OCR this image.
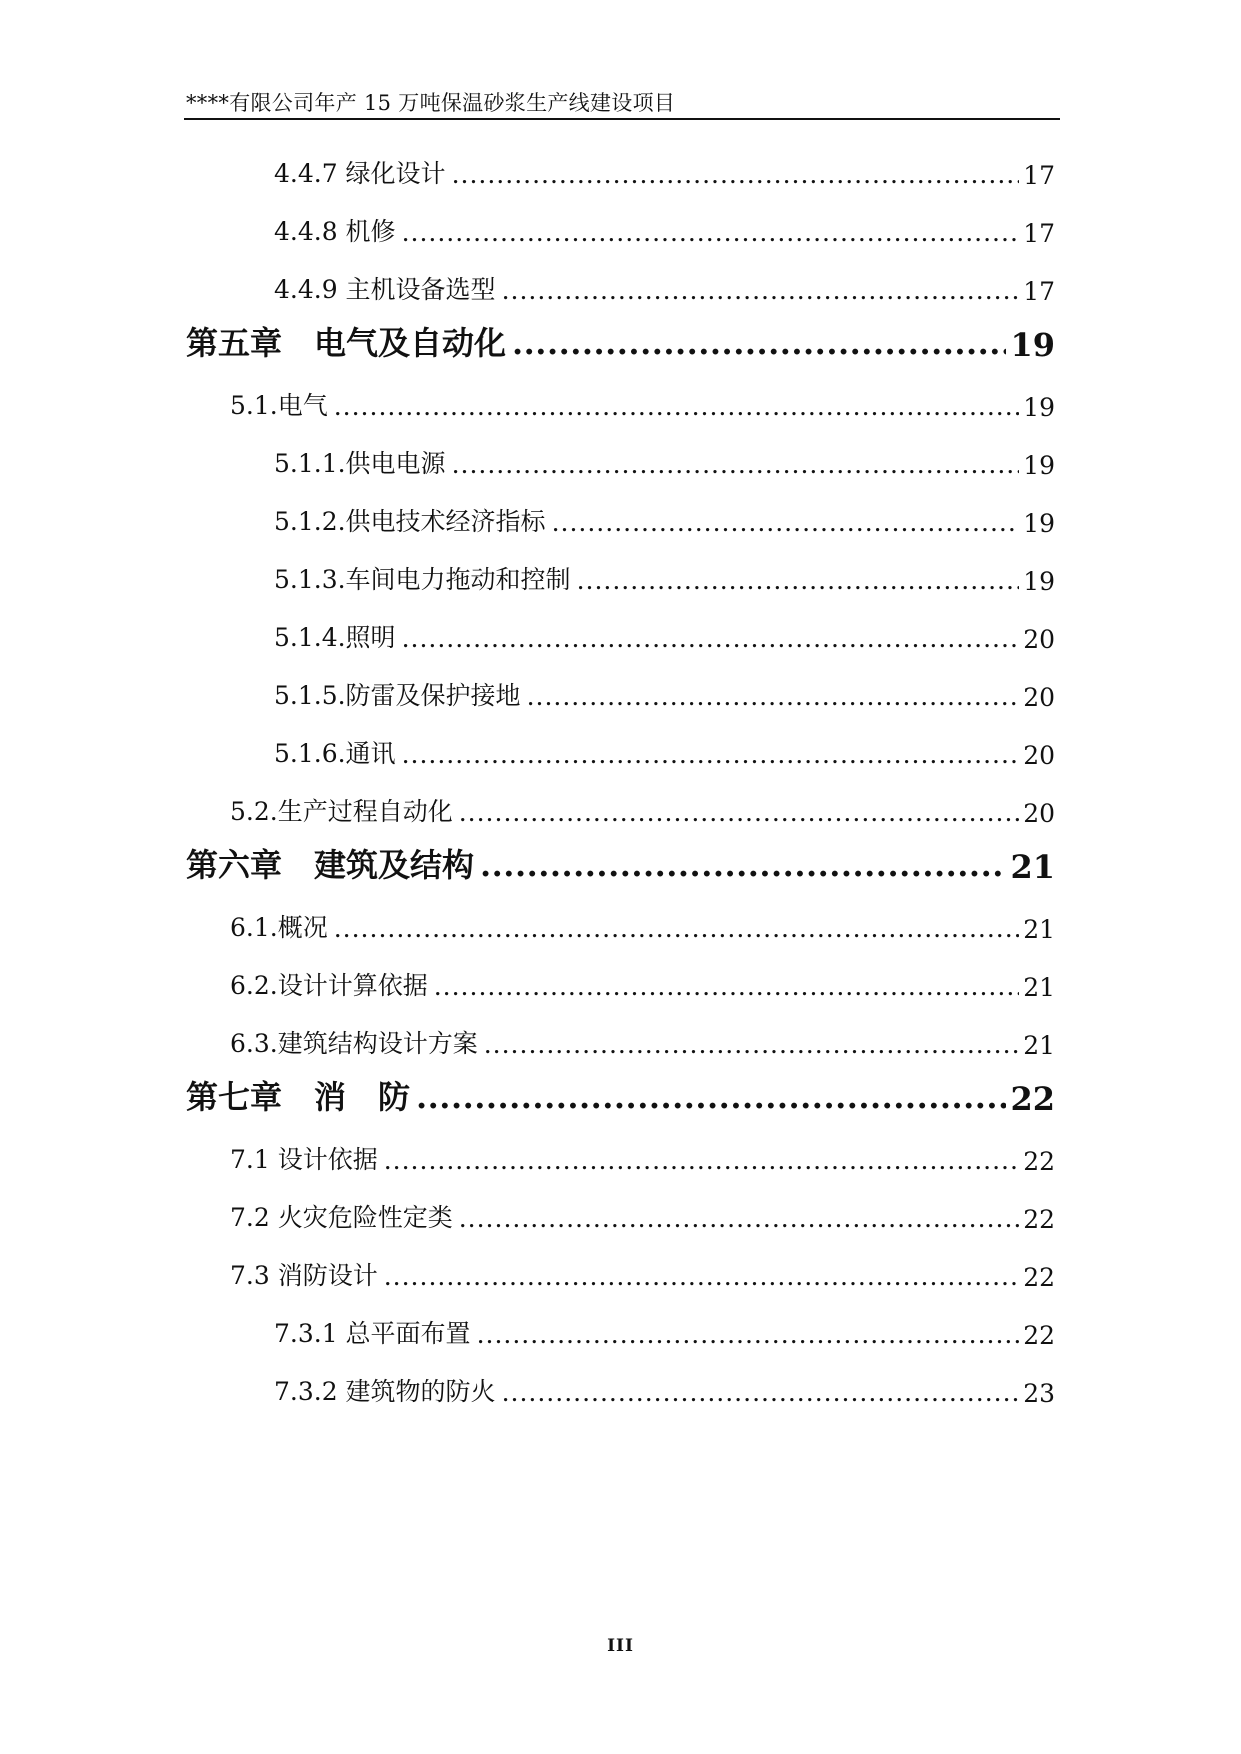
****有限公司年产 15 万吨保温砂浆生产线建设项目
4.4.7 绿化设计 .....	17
4.4.8 机修 .....	17
4.4.9 主机设备选型 .....	17
第五章　电气及自动化 .....	19
5.1.电气 .....	19
5.1.1.供电电源 .....	19
5.1.2.供电技术经济指标 .....	19
5.1.3.车间电力拖动和控制 .....	19
5.1.4.照明 .....	20
5.1.5.防雷及保护接地 .....	20
5.1.6.通讯 .....	20
5.2.生产过程自动化 .....	20
第六章　建筑及结构 .....	21
6.1.概况 .....	21
6.2.设计计算依据 .....	21
6.3.建筑结构设计方案 .....	21
第七章　消　防 .....	22
7.1 设计依据 .....	22
7.2 火灾危险性定类 .....	22
7.3 消防设计 .....	22
7.3.1 总平面布置 .....	22
7.3.2 建筑物的防火 .....	23
III
